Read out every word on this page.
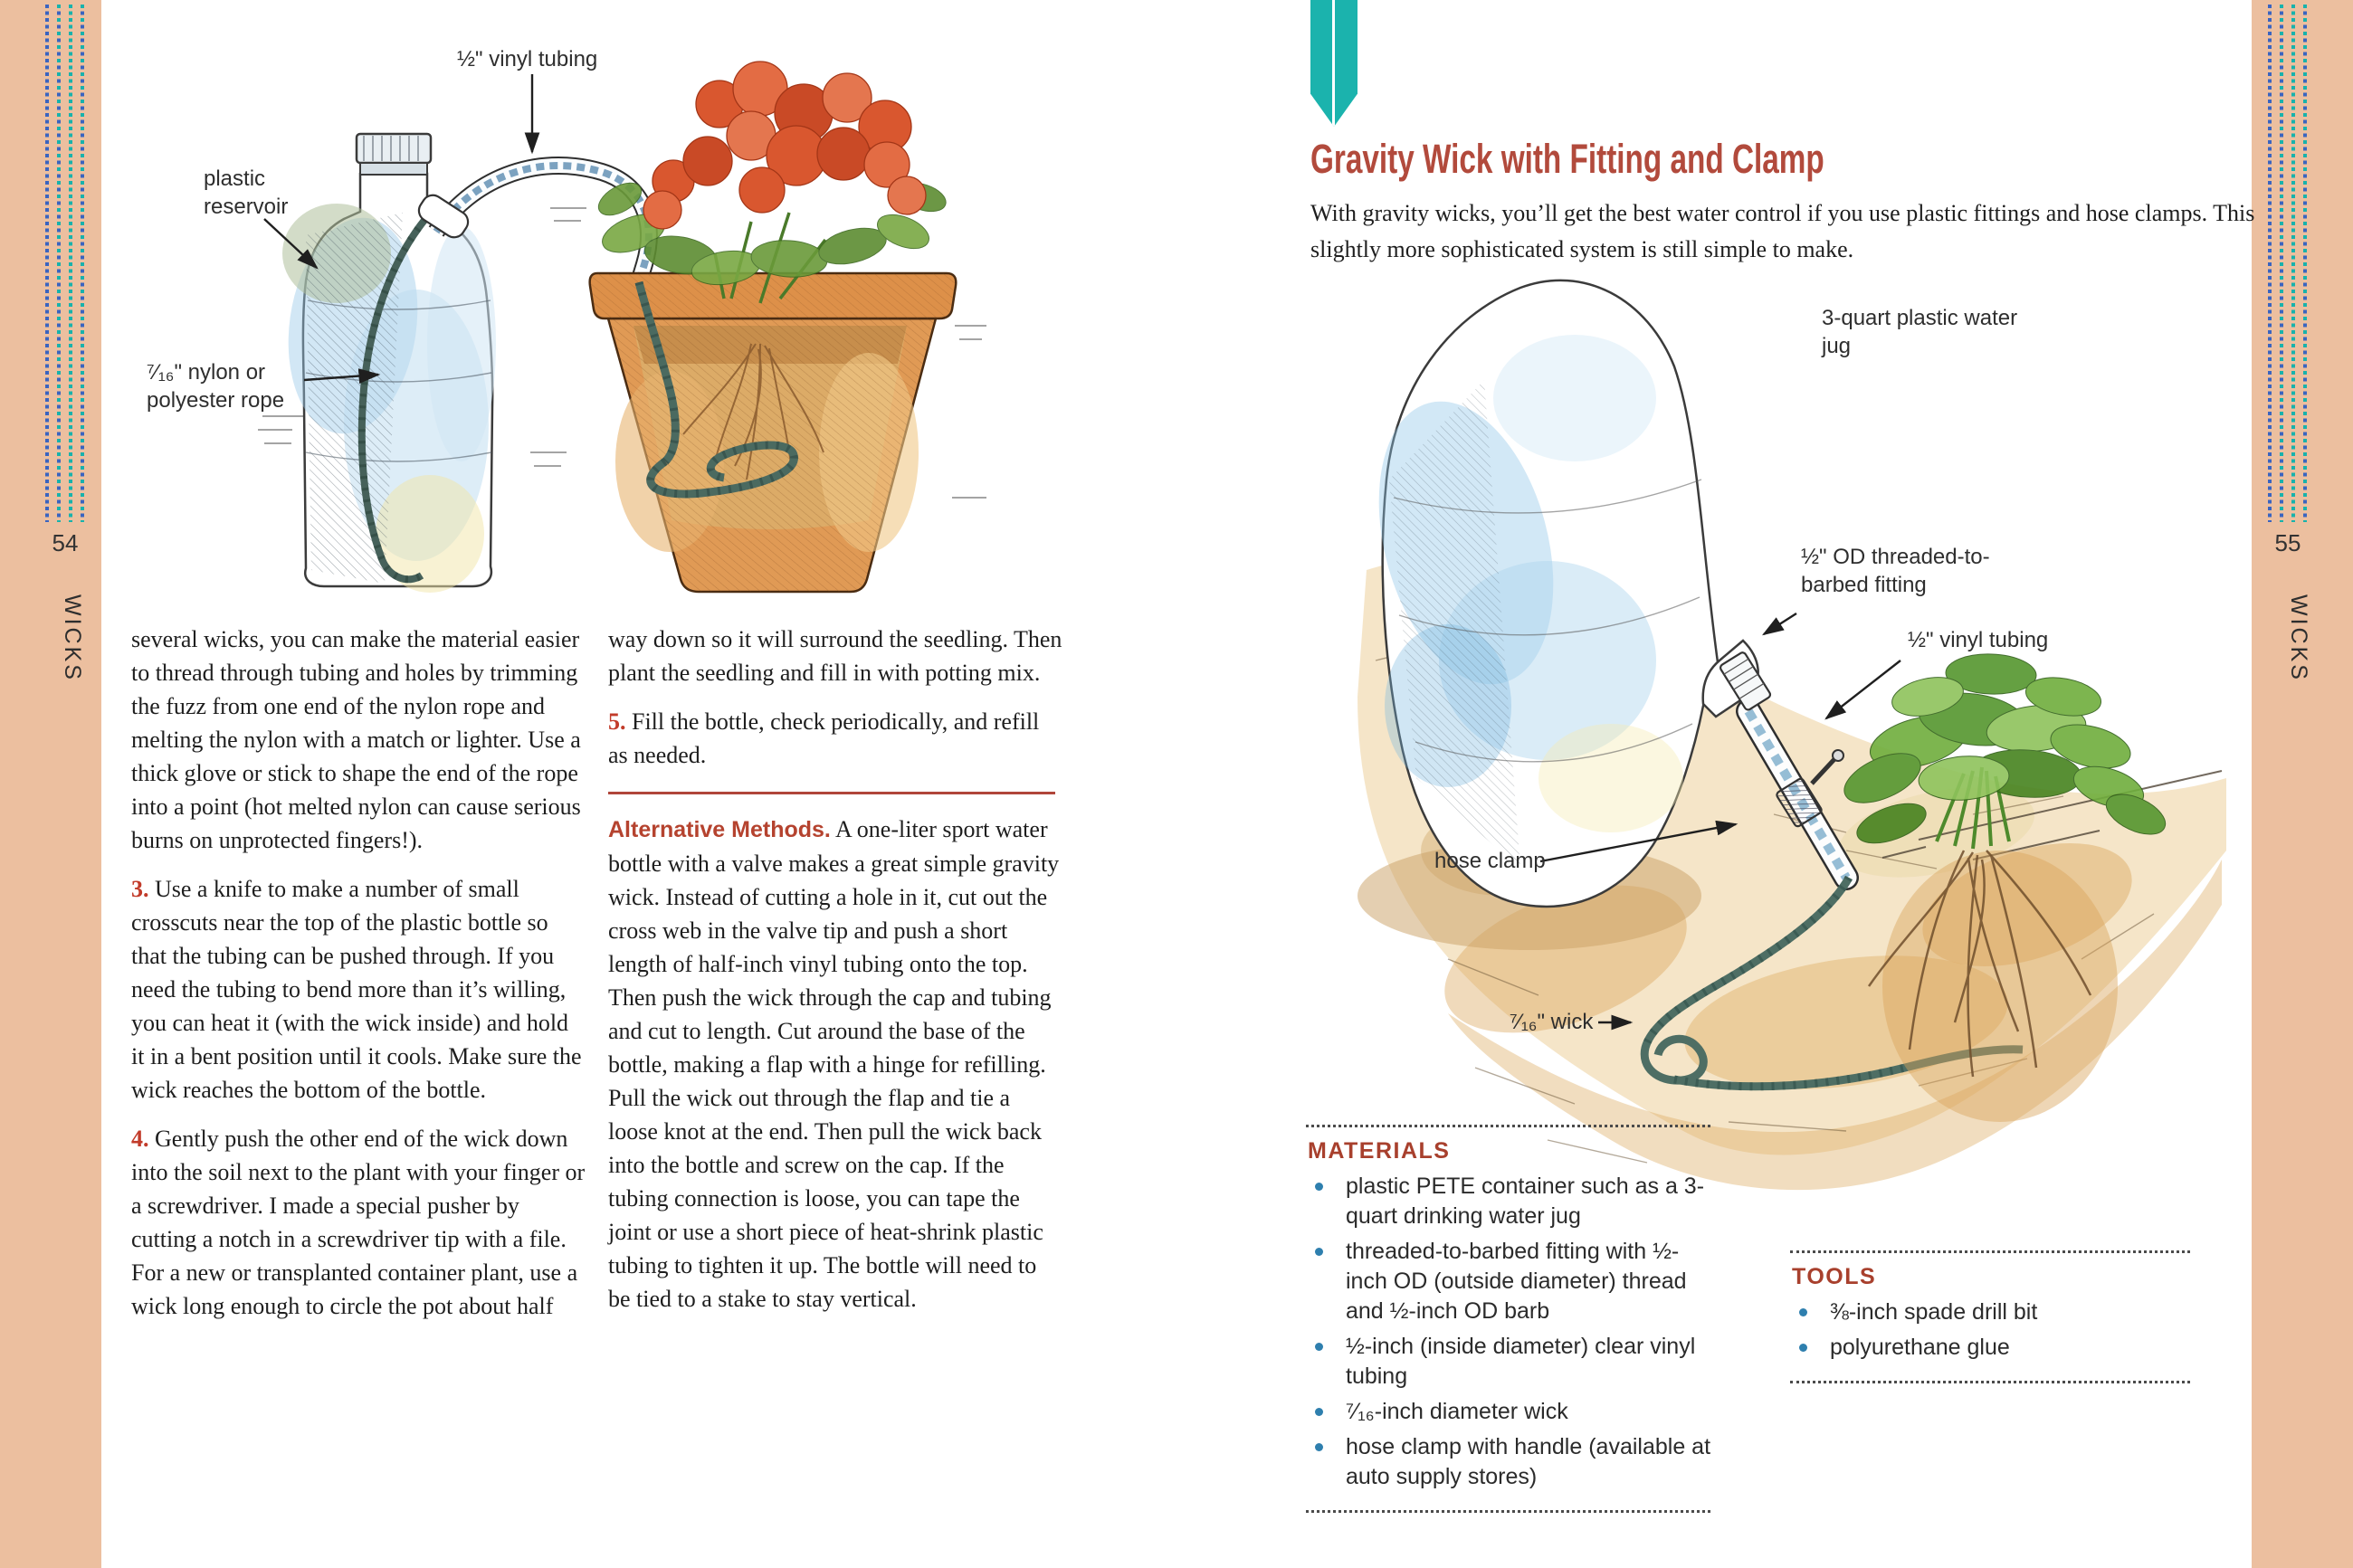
54
WICKS
55
WICKS
½" vinyl tubing
plastic reservoir
⁷⁄₁₆" nylon or polyester rope

several wicks, you can make the material easier to thread through tubing and holes by trimming the fuzz from one end of the nylon rope and melting the nylon with a match or lighter. Use a thick glove or stick to shape the end of the rope into a point (hot melted nylon can cause serious burns on unprotected fingers!).

3. Use a knife to make a number of small crosscuts near the top of the plastic bottle so that the tubing can be pushed through. If you need the tubing to bend more than it’s willing, you can heat it (with the wick inside) and hold it in a bent position until it cools. Make sure the wick reaches the bottom of the bottle.

4. Gently push the other end of the wick down into the soil next to the plant with your finger or a screwdriver. I made a special pusher by cutting a notch in a screwdriver tip with a file. For a new or transplanted container plant, use a wick long enough to circle the pot about half

way down so it will surround the seedling. Then plant the seedling and fill in with potting mix.

5. Fill the bottle, check periodically, and refill as needed.

Alternative Methods. A one-liter sport water bottle with a valve makes a great simple gravity wick. Instead of cutting a hole in it, cut out the cross web in the valve tip and push a short length of half-inch vinyl tubing onto the top. Then push the wick through the cap and tubing and cut to length. Cut around the base of the bottle, making a flap with a hinge for refilling. Pull the wick out through the flap and tie a loose knot at the end. Then pull the wick back into the bottle and screw on the cap. If the tubing connection is loose, you can tape the joint or use a short piece of heat-shrink plastic tubing to tighten it up. The bottle will need to be tied to a stake to stay vertical.

Gravity Wick with Fitting and Clamp
With gravity wicks, you’ll get the best water control if you use plastic fittings and hose clamps. This slightly more sophisticated system is still simple to make.
3-quart plastic water jug
½" OD threaded-to-barbed fitting
½" vinyl tubing
hose clamp
⁷⁄₁₆" wick
MATERIALS
plastic PETE container such as a 3-quart drinking water jug
threaded-to-barbed fitting with ½-inch OD (outside diameter) thread and ½-inch OD barb
½-inch (inside diameter) clear vinyl tubing
⁷⁄₁₆-inch diameter wick
hose clamp with handle (available at auto supply stores)
TOOLS
⅜-inch spade drill bit
polyurethane glue
